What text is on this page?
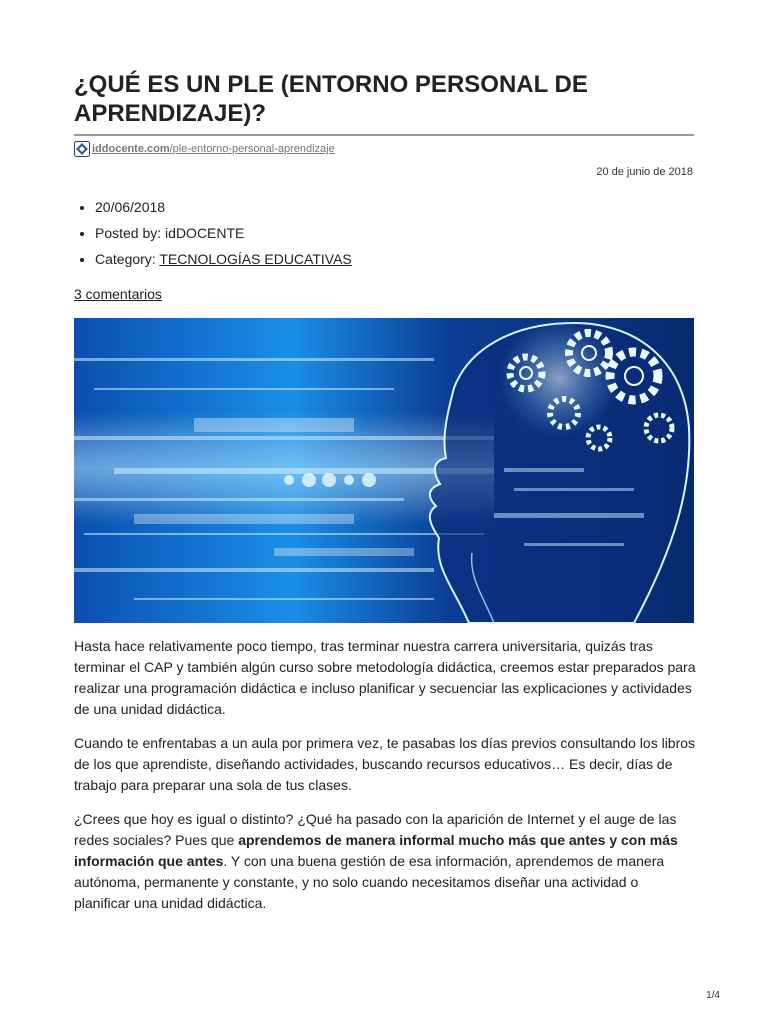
¿QUÉ ES UN PLE (ENTORNO PERSONAL DE APRENDIZAJE)?
iddocente.com/ple-entorno-personal-aprendizaje
20 de junio de 2018
• 20/06/2018
• Posted by: idDOCENTE
• Category: TECNOLOGÍAS EDUCATIVAS
3 comentarios

Hasta hace relativamente poco tiempo, tras terminar nuestra carrera universitaria, quizás tras terminar el CAP y también algún curso sobre metodología didáctica, creemos estar preparados para realizar una programación didáctica e incluso planificar y secuenciar las explicaciones y actividades de una unidad didáctica.

Cuando te enfrentabas a un aula por primera vez, te pasabas los días previos consultando los libros de los que aprendiste, diseñando actividades, buscando recursos educativos… Es decir, días de trabajo para preparar una sola de tus clases.

¿Crees que hoy es igual o distinto? ¿Qué ha pasado con la aparición de Internet y el auge de las redes sociales? Pues que aprendemos de manera informal mucho más que antes y con más información que antes. Y con una buena gestión de esa información, aprendemos de manera autónoma, permanente y constante, y no solo cuando necesitamos diseñar una actividad o planificar una unidad didáctica.

1/4
